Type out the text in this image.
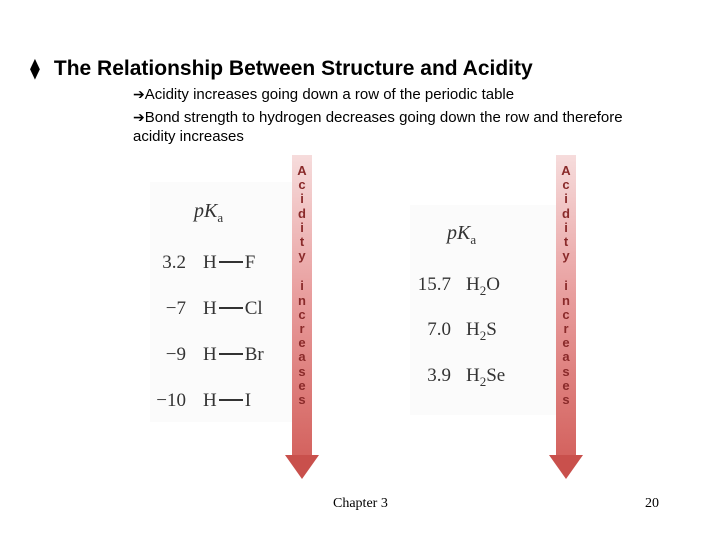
⧫ The Relationship Between Structure and Acidity
➔Acidity increases going down a row of the periodic table
➔Bond strength to hydrogen decreases going down the row and therefore acidity increases
$pK_a$
3.2 H F
−7 H Cl
−9 H Br
−10 H I
A
c
i
d
i
t
y
i
n
c
r
e
a
s
e
s
$pK_a$
15.7 $H_2O$
7.0 $H_2S$
3.9 $H_2Se$
A
c
i
d
i
t
y
i
n
c
r
e
a
s
e
s
Chapter 3	20
